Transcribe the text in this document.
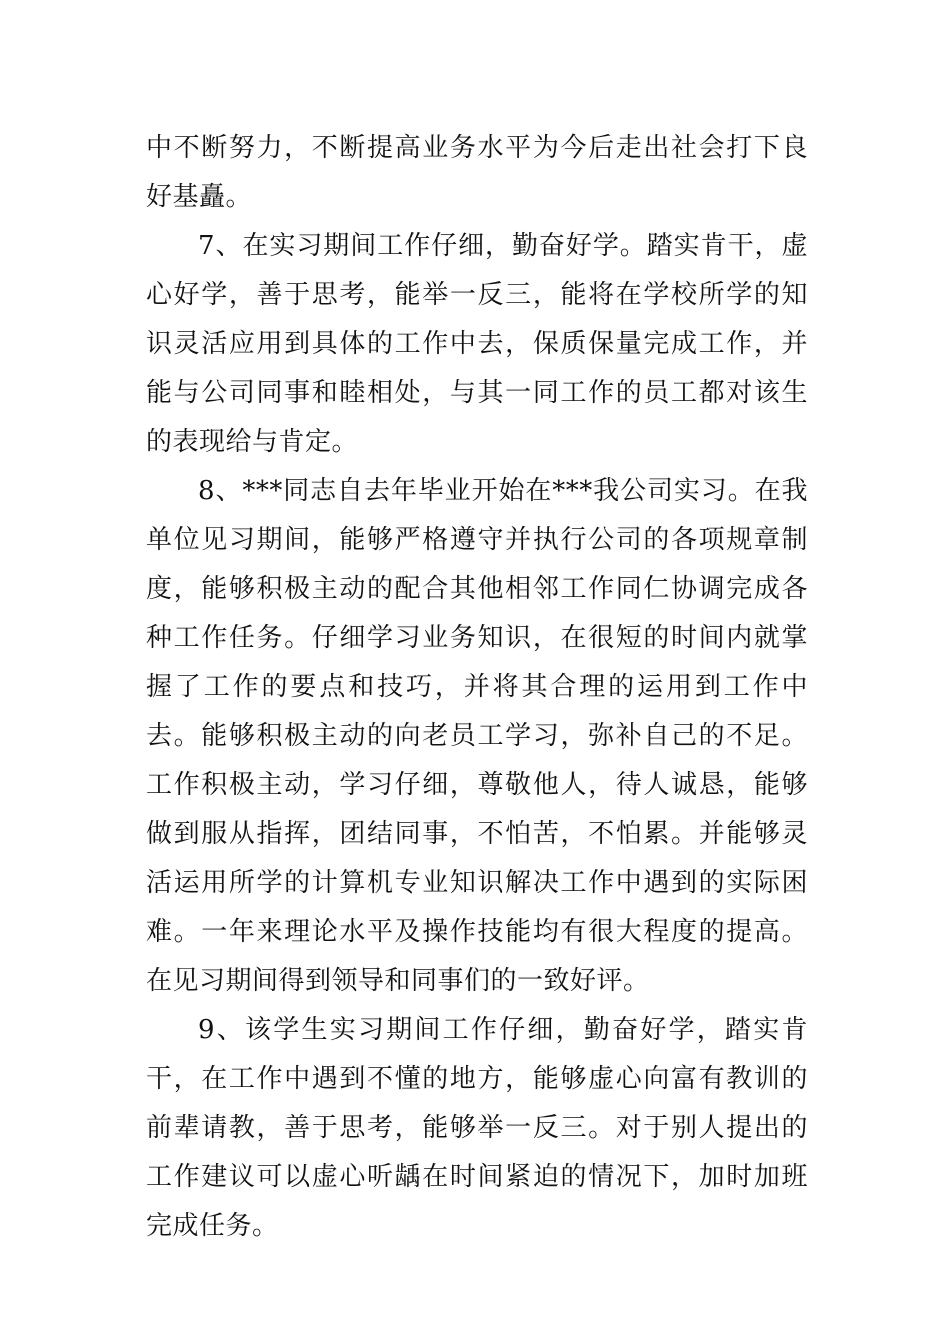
中不断努力，不断提高业务水平为今后走出社会打下良好基矗。

7、在实习期间工作仔细，勤奋好学。踏实肯干，虚心好学，善于思考，能举一反三，能将在学校所学的知识灵活应用到具体的工作中去，保质保量完成工作，并能与公司同事和睦相处，与其一同工作的员工都对该生的表现给与肯定。

8、***同志自去年毕业开始在***我公司实习。在我单位见习期间，能够严格遵守并执行公司的各项规章制度，能够积极主动的配合其他相邻工作同仁协调完成各种工作任务。仔细学习业务知识，在很短的时间内就掌握了工作的要点和技巧，并将其合理的运用到工作中去。能够积极主动的向老员工学习，弥补自己的不足。工作积极主动，学习仔细，尊敬他人，待人诚恳，能够做到服从指挥，团结同事，不怕苦，不怕累。并能够灵活运用所学的计算机专业知识解决工作中遇到的实际困难。一年来理论水平及操作技能均有很大程度的提高。在见习期间得到领导和同事们的一致好评。

9、该学生实习期间工作仔细，勤奋好学，踏实肯干，在工作中遇到不懂的地方，能够虚心向富有教训的前辈请教，善于思考，能够举一反三。对于别人提出的工作建议可以虚心听龋在时间紧迫的情况下，加时加班完成任务。
